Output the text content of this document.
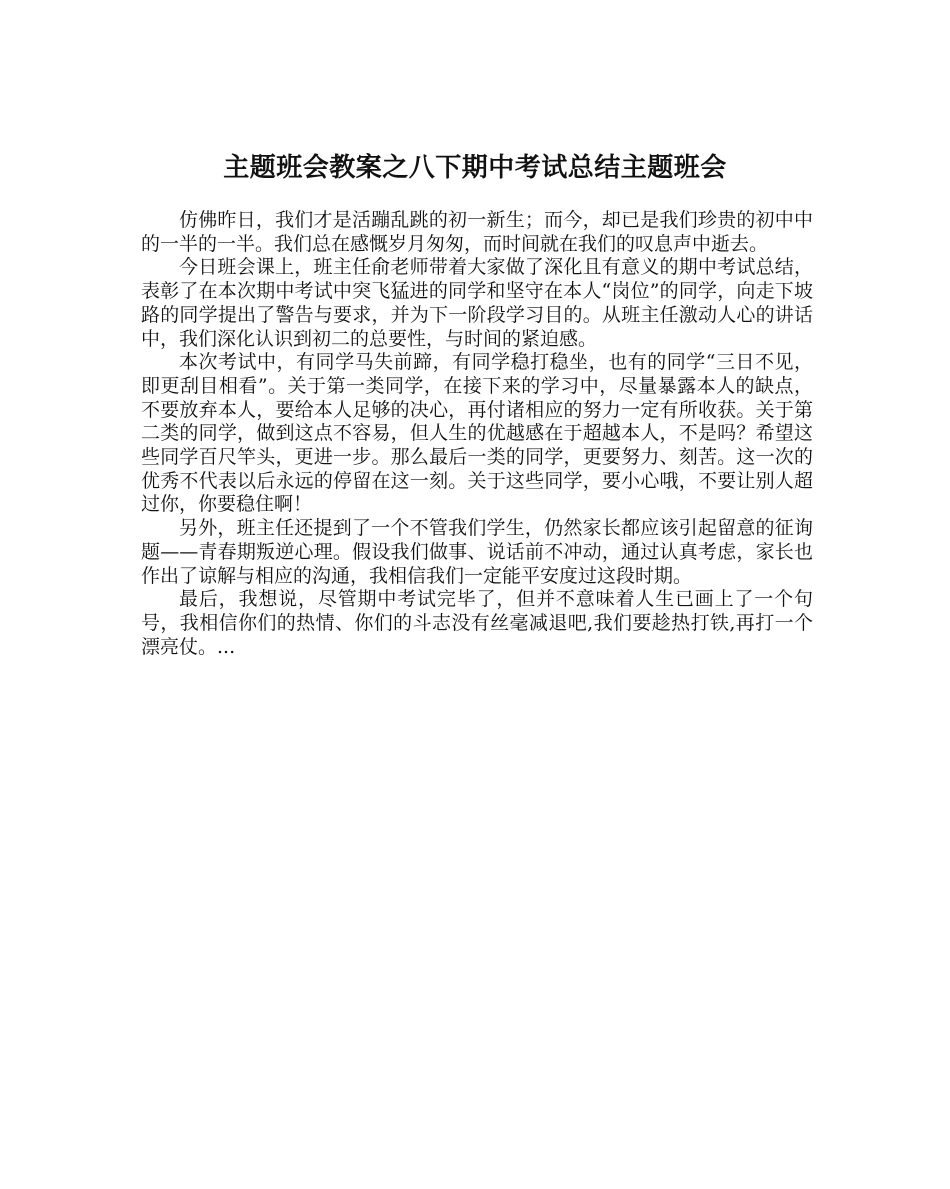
主题班会教案之八下期中考试总结主题班会

仿佛昨日，我们才是活蹦乱跳的初一新生；而今，却已是我们珍贵的初中中的一半的一半。我们总在感慨岁月匆匆，而时间就在我们的叹息声中逝去。

今日班会课上，班主任俞老师带着大家做了深化且有意义的期中考试总结，表彰了在本次期中考试中突飞猛进的同学和坚守在本人“岗位”的同学，向走下坡路的同学提出了警告与要求，并为下一阶段学习目的。从班主任激动人心的讲话中，我们深化认识到初二的总要性，与时间的紧迫感。

本次考试中，有同学马失前蹄，有同学稳打稳坐，也有的同学“三日不见，即更刮目相看”。关于第一类同学，在接下来的学习中，尽量暴露本人的缺点，不要放弃本人，要给本人足够的决心，再付诸相应的努力一定有所收获。关于第二类的同学，做到这点不容易，但人生的优越感在于超越本人，不是吗？希望这些同学百尺竿头，更进一步。那么最后一类的同学，更要努力、刻苦。这一次的优秀不代表以后永远的停留在这一刻。关于这些同学，要小心哦，不要让别人超过你，你要稳住啊！

另外，班主任还提到了一个不管我们学生，仍然家长都应该引起留意的征询题——青春期叛逆心理。假设我们做事、说话前不冲动，通过认真考虑，家长也作出了谅解与相应的沟通，我相信我们一定能平安度过这段时期。

最后，我想说，尽管期中考试完毕了，但并不意味着人生已画上了一个句号，我相信你们的热情、你们的斗志没有丝毫减退吧,我们要趁热打铁,再打一个漂亮仗。...
